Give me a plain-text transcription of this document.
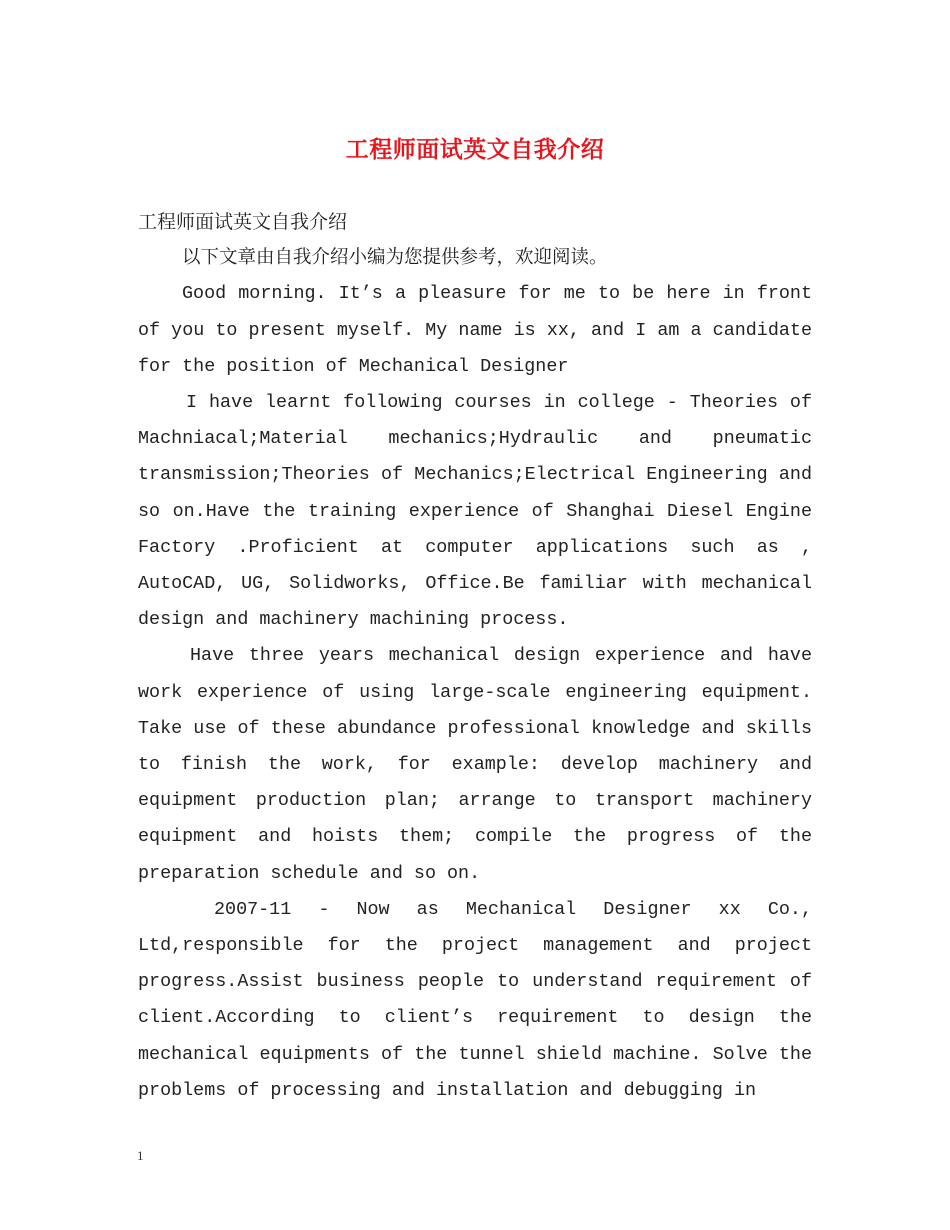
工程师面试英文自我介绍

工程师面试英文自我介绍

以下文章由自我介绍小编为您提供参考，欢迎阅读。

Good morning. It’s a pleasure for me to be here in front of you to present myself. My name is xx, and I am a candidate for the position of Mechanical Designer

I have learnt following courses in college - Theories of Machniacal;Material mechanics;Hydraulic and pneumatic transmission;Theories of Mechanics;Electrical Engineering and so on.Have the training experience of Shanghai Diesel Engine Factory .Proficient at computer applications such as , AutoCAD, UG, Solidworks, Office.Be familiar with mechanical design and machinery machining process.

Have three years mechanical design experience and have work experience of using large-scale engineering equipment. Take use of these abundance professional knowledge and skills to finish the work, for example: develop machinery and equipment production plan; arrange to transport machinery equipment and hoists them; compile the progress of the preparation schedule and so on.

2007-11 - Now as Mechanical Designer xx Co., Ltd,responsible for the project management and project progress.Assist business people to understand requirement of client.According to client’s requirement to design the mechanical equipments of the tunnel shield machine. Solve the problems of processing and installation and debugging in

1
